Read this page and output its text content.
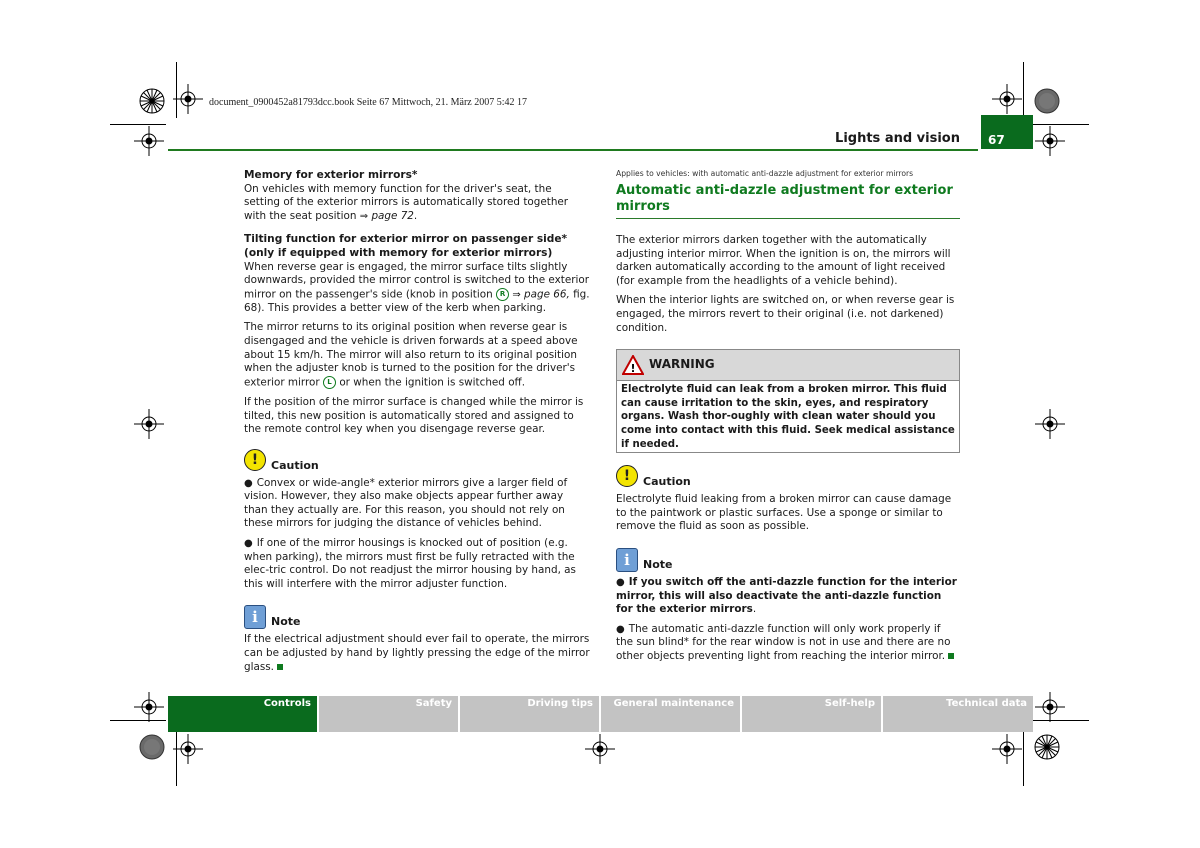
document_0900452a81793dcc.book Seite 67 Mittwoch, 21. März 2007 5:42 17
Lights and vision 67
Memory for exterior mirrors*

On vehicles with memory function for the driver's seat, the setting of the exterior mirrors is automatically stored together with the seat position ⇒ page 72.

Tilting function for exterior mirror on passenger side* (only if equipped with memory for exterior mirrors)

When reverse gear is engaged, the mirror surface tilts slightly downwards, provided the mirror control is switched to the exterior mirror on the passenger's side (knob in position R ⇒ page 66, fig. 68). This provides a better view of the kerb when parking.

The mirror returns to its original position when reverse gear is disengaged and the vehicle is driven forwards at a speed above about 15 km/h. The mirror will also return to its original position when the adjuster knob is turned to the position for the driver's exterior mirror L or when the ignition is switched off.

If the position of the mirror surface is changed while the mirror is tilted, this new position is automatically stored and assigned to the remote control key when you disengage reverse gear.

!	Caution

● Convex or wide-angle* exterior mirrors give a larger field of vision. However, they also make objects appear further away than they actually are. For this reason, you should not rely on these mirrors for judging the distance of vehicles behind.

● If one of the mirror housings is knocked out of position (e.g. when parking), the mirrors must first be fully retracted with the elec-tric control. Do not readjust the mirror housing by hand, as this will interfere with the mirror adjuster function.

i	Note

If the electrical adjustment should ever fail to operate, the mirrors can be adjusted by hand by lightly pressing the edge of the mirror glass.

Applies to vehicles: with automatic anti-dazzle adjustment for exterior mirrors
Automatic anti-dazzle adjustment for exterior mirrors

The exterior mirrors darken together with the automatically adjusting interior mirror. When the ignition is on, the mirrors will darken automatically according to the amount of light received (for example from the headlights of a vehicle behind).

When the interior lights are switched on, or when reverse gear is engaged, the mirrors revert to their original (i.e. not darkened) condition.

! WARNING
Electrolyte fluid can leak from a broken mirror. This fluid can cause irritation to the skin, eyes, and respiratory organs. Wash thor-oughly with clean water should you come into contact with this fluid. Seek medical assistance if needed.
!	Caution

Electrolyte fluid leaking from a broken mirror can cause damage to the paintwork or plastic surfaces. Use a sponge or similar to remove the fluid as soon as possible.

i	Note

● If you switch off the anti-dazzle function for the interior mirror, this will also deactivate the anti-dazzle function for the exterior mirrors.

● The automatic anti-dazzle function will only work properly if the sun blind* for the rear window is not in use and there are no other objects preventing light from reaching the interior mirror.

Controls	Safety	Driving tips General maintenance	Self-help	Technical data
